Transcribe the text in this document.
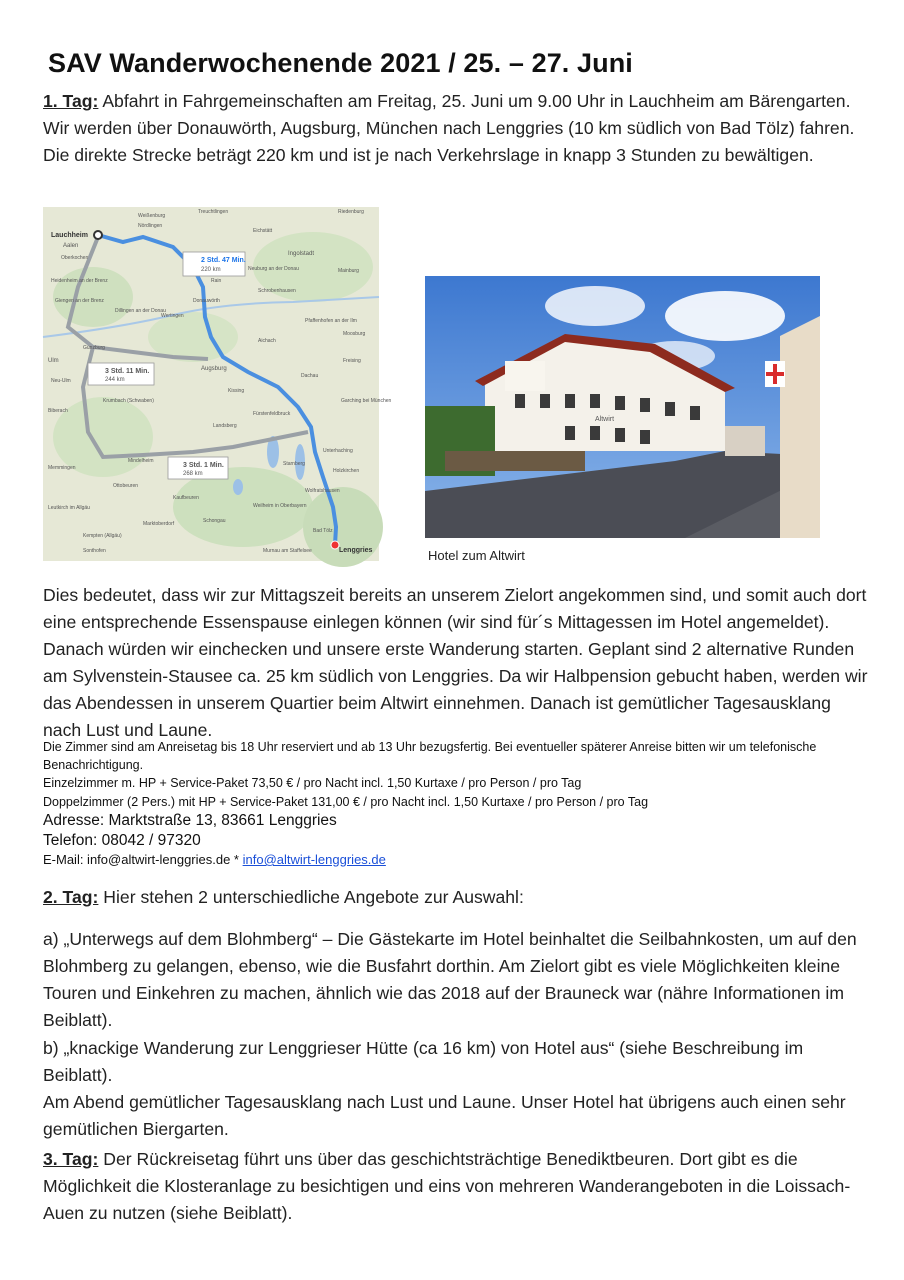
SAV Wanderwochenende 2021 / 25. – 27. Juni
1. Tag: Abfahrt in Fahrgemeinschaften am Freitag, 25. Juni um 9.00 Uhr in Lauchheim am Bärengarten. Wir werden über Donauwörth, Augsburg, München nach Lenggries (10 km südlich von Bad Tölz) fahren. Die direkte Strecke beträgt 220 km und ist je nach Verkehrslage in knapp 3 Stunden zu bewältigen.
2 Std. 47 Min.
220 km
3 Std. 11 Min.
244 km
3 Std. 1 Min.
268 km
Lauchheim
Lenggries
Aalen
Oberkochen
Heidenheim an der Brenz
Giengen an der Brenz
Dillingen an der Donau
Wertingen
Nördlingen
Donauwörth
Neuburg an der Donau
Ingolstadt
Eichstätt
Treuchtlingen
Weißenburg
Riedenburg
Mainburg
Rain
Schrobenhausen
Aichach
Pfaffenhofen an der Ilm
Günzburg
Ulm
Neu-Ulm
Krumbach (Schwaben)
Augsburg
Dachau
Freising
Garching bei München
Fürstenfeldbruck
Unterhaching
Memmingen
Mindelheim
Kaufbeuren
Schongau
Weilheim in Oberbayern
Starnberg
Wolfratshausen
Bad Tölz
Kempten (Allgäu)
Leutkirch im Allgäu
Ottobeuren
Marktoberdorf
Murnau am Staffelsee
Biberach
Kissing
Moosburg
Landsberg
Holzkirchen
Sonthofen
Altwirt
Hotel zum Altwirt
Dies bedeutet, dass wir zur Mittagszeit bereits an unserem Zielort angekommen sind, und somit auch dort eine entsprechende Essenspause einlegen können (wir sind für´s Mittagessen im Hotel angemeldet). Danach würden wir einchecken und unsere erste Wanderung starten. Geplant sind 2 alternative Runden am Sylvenstein-Stausee ca. 25 km südlich von Lenggries. Da wir Halbpension gebucht haben, werden wir das Abendessen in unserem Quartier beim Altwirt einnehmen. Danach ist gemütlicher Tagesausklang nach Lust und Laune.
Die Zimmer sind am Anreisetag bis 18 Uhr reserviert und ab 13 Uhr bezugsfertig. Bei eventueller späterer Anreise bitten wir um telefonische Benachrichtigung.
Einzelzimmer m. HP + Service-Paket 73,50 € / pro Nacht incl. 1,50 Kurtaxe / pro Person / pro Tag
Doppelzimmer (2 Pers.) mit HP + Service-Paket 131,00 € / pro Nacht incl. 1,50 Kurtaxe / pro Person / pro Tag
Adresse: Marktstraße 13, 83661 Lenggries
Telefon: 08042 / 97320
E-Mail: info@altwirt-lenggries.de * info@altwirt-lenggries.de
2. Tag: Hier stehen 2 unterschiedliche Angebote zur Auswahl:
a) „Unterwegs auf dem Blohmberg“ – Die Gästekarte im Hotel beinhaltet die Seilbahnkosten, um auf den Blohmberg zu gelangen, ebenso, wie die Busfahrt dorthin. Am Zielort gibt es viele Möglichkeiten kleine Touren und Einkehren zu machen, ähnlich wie das 2018 auf der Brauneck war (nähre Informationen im Beiblatt).
b) „knackige Wanderung zur Lenggrieser Hütte (ca 16 km) von Hotel aus“ (siehe Beschreibung im Beiblatt).
Am Abend gemütlicher Tagesausklang nach Lust und Laune. Unser Hotel hat übrigens auch einen sehr gemütlichen Biergarten.
3. Tag: Der Rückreisetag führt uns über das geschichtsträchtige Benediktbeuren. Dort gibt es die Möglichkeit die Klosteranlage zu besichtigen und eins von mehreren Wanderangeboten in die Loissach-Auen zu nutzen (siehe Beiblatt).
